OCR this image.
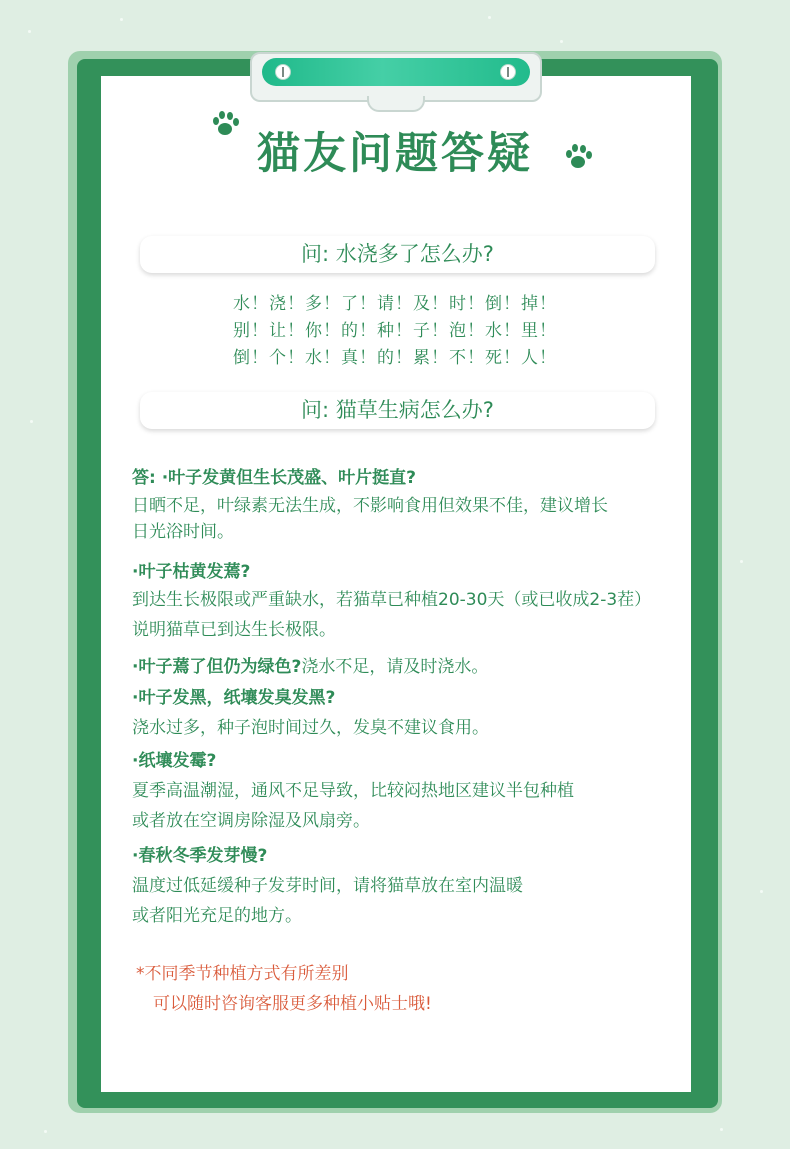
猫友问题答疑
问: 水浇多了怎么办?
水！浇！多！了！请！及！时！倒！掉！
别！让！你！的！种！子！泡！水！里！
倒！个！水！真！的！累！不！死！人！
问: 猫草生病怎么办?
答: ·叶子发黄但生长茂盛、叶片挺直?
日晒不足，叶绿素无法生成，不影响食用但效果不佳，建议增长
日光浴时间。
·叶子枯黄发蔫?
到达生长极限或严重缺水，若猫草已种植20-30天（或已收成2-3茬）
说明猫草已到达生长极限。
·叶子蔫了但仍为绿色?浇水不足，请及时浇水。
·叶子发黑，纸壤发臭发黑?
浇水过多，种子泡时间过久，发臭不建议食用。
·纸壤发霉?
夏季高温潮湿，通风不足导致，比较闷热地区建议半包种植
或者放在空调房除湿及风扇旁。
·春秋冬季发芽慢?
温度过低延缓种子发芽时间，请将猫草放在室内温暖
或者阳光充足的地方。
*不同季节种植方式有所差别
可以随时咨询客服更多种植小贴士哦!
